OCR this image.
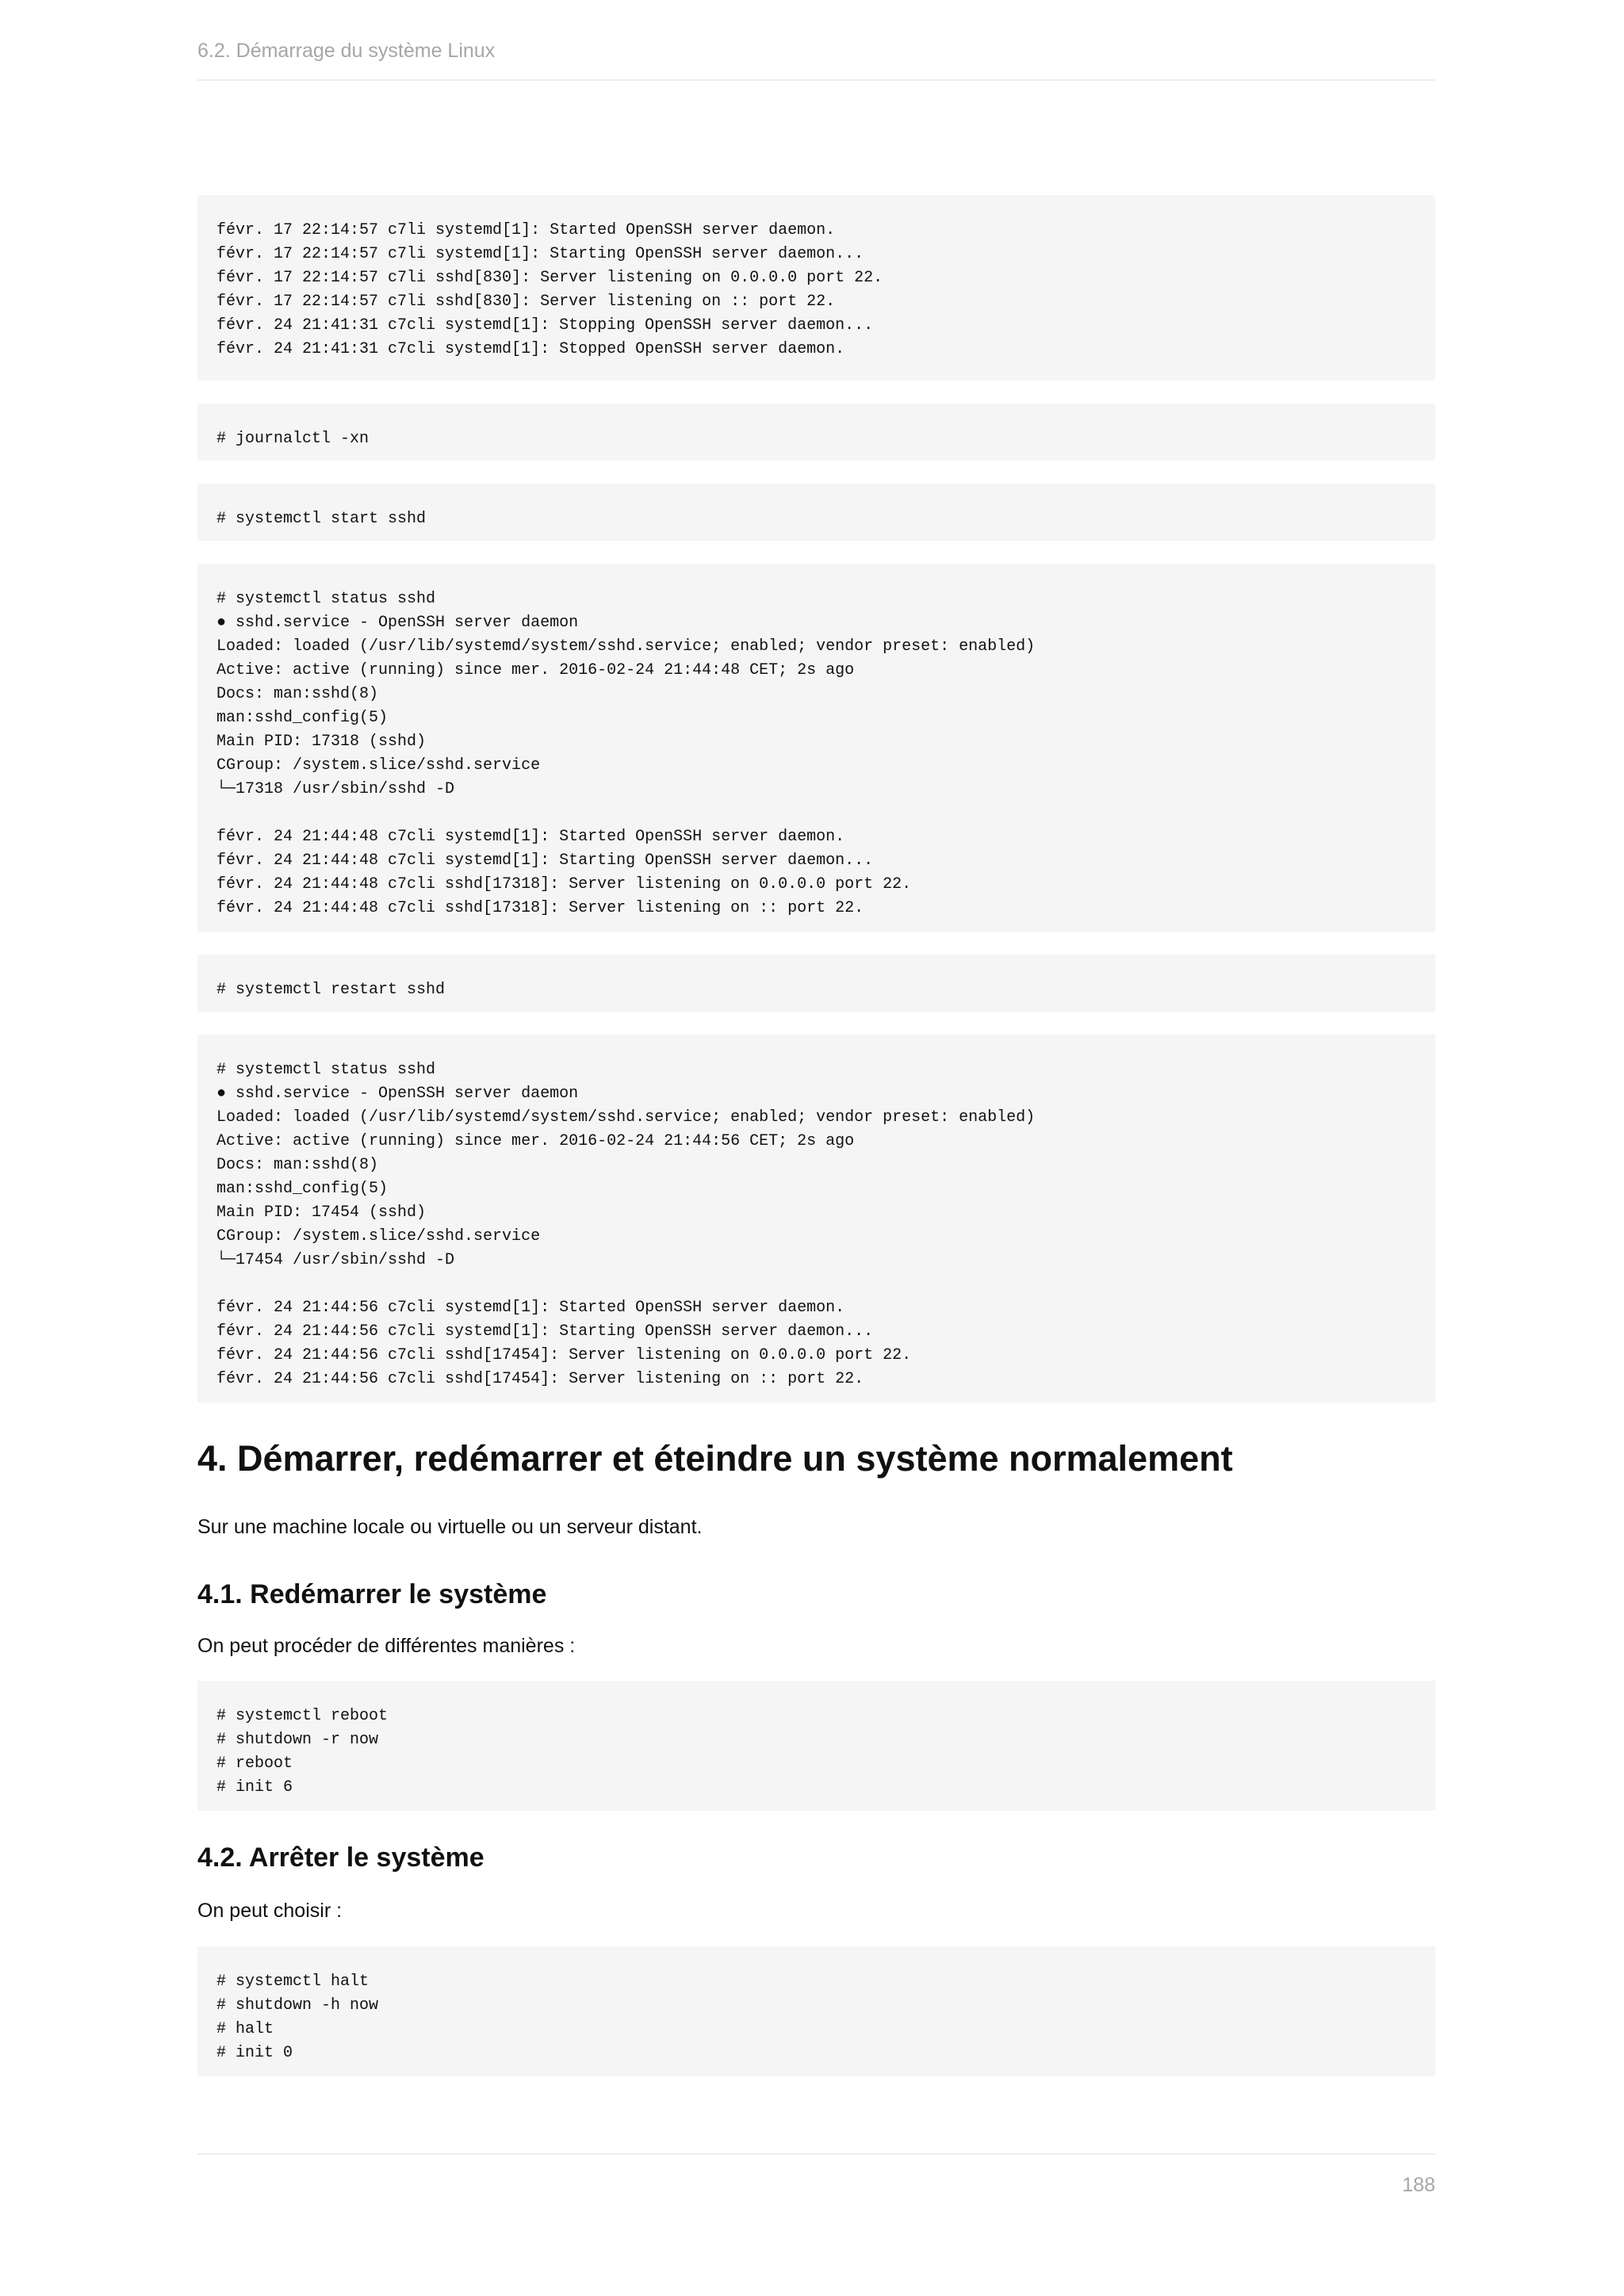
6.2. Démarrage du système Linux
févr. 17 22:14:57 c7li systemd[1]: Started OpenSSH server daemon.
févr. 17 22:14:57 c7li systemd[1]: Starting OpenSSH server daemon...
févr. 17 22:14:57 c7li sshd[830]: Server listening on 0.0.0.0 port 22.
févr. 17 22:14:57 c7li sshd[830]: Server listening on :: port 22.
févr. 24 21:41:31 c7cli systemd[1]: Stopping OpenSSH server daemon...
févr. 24 21:41:31 c7cli systemd[1]: Stopped OpenSSH server daemon.
# journalctl -xn
# systemctl start sshd
# systemctl status sshd
● sshd.service - OpenSSH server daemon
Loaded: loaded (/usr/lib/systemd/system/sshd.service; enabled; vendor preset: enabled)
Active: active (running) since mer. 2016-02-24 21:44:48 CET; 2s ago
Docs: man:sshd(8)
man:sshd_config(5)
Main PID: 17318 (sshd)
CGroup: /system.slice/sshd.service
└─17318 /usr/sbin/sshd -D
févr. 24 21:44:48 c7cli systemd[1]: Started OpenSSH server daemon.
févr. 24 21:44:48 c7cli systemd[1]: Starting OpenSSH server daemon...
févr. 24 21:44:48 c7cli sshd[17318]: Server listening on 0.0.0.0 port 22.
févr. 24 21:44:48 c7cli sshd[17318]: Server listening on :: port 22.
# systemctl restart sshd
# systemctl status sshd
● sshd.service - OpenSSH server daemon
Loaded: loaded (/usr/lib/systemd/system/sshd.service; enabled; vendor preset: enabled)
Active: active (running) since mer. 2016-02-24 21:44:56 CET; 2s ago
Docs: man:sshd(8)
man:sshd_config(5)
Main PID: 17454 (sshd)
CGroup: /system.slice/sshd.service
└─17454 /usr/sbin/sshd -D
févr. 24 21:44:56 c7cli systemd[1]: Started OpenSSH server daemon.
févr. 24 21:44:56 c7cli systemd[1]: Starting OpenSSH server daemon...
févr. 24 21:44:56 c7cli sshd[17454]: Server listening on 0.0.0.0 port 22.
févr. 24 21:44:56 c7cli sshd[17454]: Server listening on :: port 22.
4. Démarrer, redémarrer et éteindre un système normalement

Sur une machine locale ou virtuelle ou un serveur distant.

4.1. Redémarrer le système

On peut procéder de différentes manières :

# systemctl reboot
# shutdown -r now
# reboot
# init 6
4.2. Arrêter le système

On peut choisir :

# systemctl halt
# shutdown -h now
# halt
# init 0
188
